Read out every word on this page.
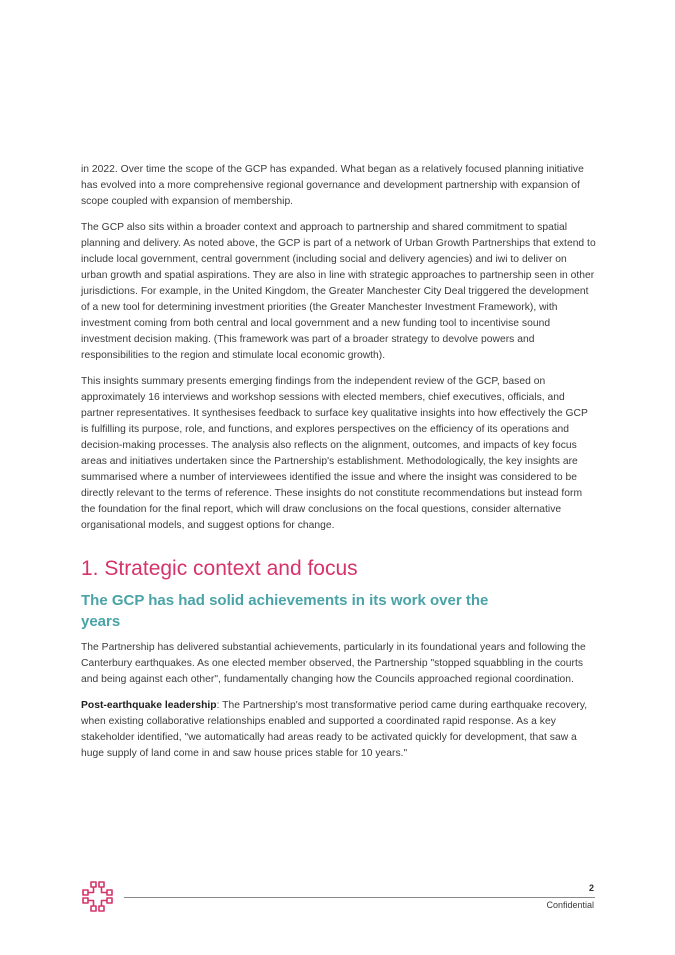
in 2022. Over time the scope of the GCP has expanded. What began as a relatively focused planning initiative has evolved into a more comprehensive regional governance and development partnership with expansion of scope coupled with expansion of membership.

The GCP also sits within a broader context and approach to partnership and shared commitment to spatial planning and delivery. As noted above, the GCP is part of a network of Urban Growth Partnerships that extend to include local government, central government (including social and delivery agencies) and iwi to deliver on urban growth and spatial aspirations. They are also in line with strategic approaches to partnership seen in other jurisdictions. For example, in the United Kingdom, the Greater Manchester City Deal triggered the development of a new tool for determining investment priorities (the Greater Manchester Investment Framework), with investment coming from both central and local government and a new funding tool to incentivise sound investment decision making. (This framework was part of a broader strategy to devolve powers and responsibilities to the region and stimulate local economic growth).

This insights summary presents emerging findings from the independent review of the GCP, based on approximately 16 interviews and workshop sessions with elected members, chief executives, officials, and partner representatives. It synthesises feedback to surface key qualitative insights into how effectively the GCP is fulfilling its purpose, role, and functions, and explores perspectives on the efficiency of its operations and decision-making processes. The analysis also reflects on the alignment, outcomes, and impacts of key focus areas and initiatives undertaken since the Partnership's establishment. Methodologically, the key insights are summarised where a number of interviewees identified the issue and where the insight was considered to be directly relevant to the terms of reference. These insights do not constitute recommendations but instead form the foundation for the final report, which will draw conclusions on the focal questions, consider alternative organisational models, and suggest options for change.

1. Strategic context and focus
The GCP has had solid achievements in its work over the years

The Partnership has delivered substantial achievements, particularly in its foundational years and following the Canterbury earthquakes. As one elected member observed, the Partnership "stopped squabbling in the courts and being against each other", fundamentally changing how the Councils approached regional coordination.

Post-earthquake leadership: The Partnership's most transformative period came during earthquake recovery, when existing collaborative relationships enabled and supported a coordinated rapid response. As a key stakeholder identified, "we automatically had areas ready to be activated quickly for development, that saw a huge supply of land come in and saw house prices stable for 10 years."

2
Confidential
